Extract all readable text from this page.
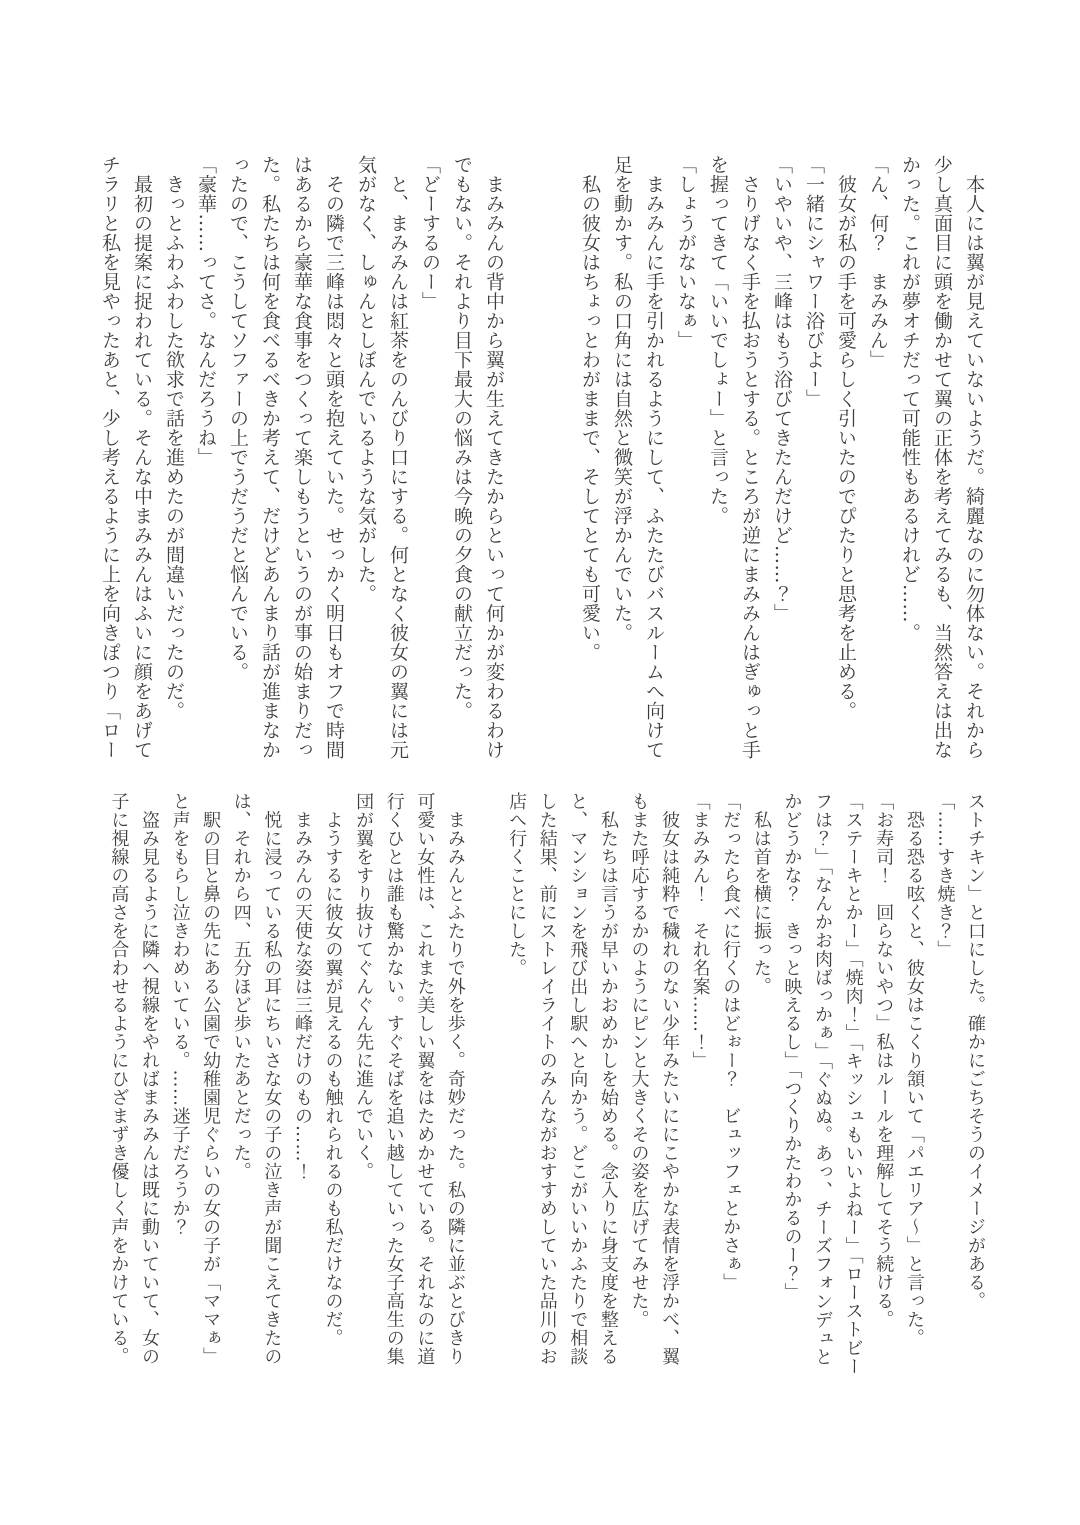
　本人には翼が見えていないようだ。綺麗なのに勿体ない。それから

少し真面目に頭を働かせて翼の正体を考えてみるも、当然答えは出な

かった。これが夢オチだって可能性もあるけれど……。

「ん、何？　まみみん」

　彼女が私の手を可愛らしく引いたのでぴたりと思考を止める。

「一緒にシャワー浴びよー」

「いやいや、三峰はもう浴びてきたんだけど……？」

　さりげなく手を払おうとする。ところが逆にまみみんはぎゅっと手

を握ってきて「いいでしょー」と言った。

「しょうがないなぁ」

　まみみんに手を引かれるようにして、ふたたびバスルームへ向けて

足を動かす。私の口角には自然と微笑が浮かんでいた。

　私の彼女はちょっとわがままで、そしてとても可愛い。

　まみみんの背中から翼が生えてきたからといって何かが変わるわけ

でもない。それより目下最大の悩みは今晩の夕食の献立だった。

「どーするのー」

　と、まみみんは紅茶をのんびり口にする。何となく彼女の翼には元

気がなく、しゅんとしぼんでいるような気がした。

　その隣で三峰は悶々と頭を抱えていた。せっかく明日もオフで時間

はあるから豪華な食事をつくって楽しもうというのが事の始まりだっ

た。私たちは何を食べるべきか考えて、だけどあんまり話が進まなか

ったので、こうしてソファーの上でうだうだと悩んでいる。

「豪華……ってさ。なんだろうね」

　きっとふわふわした欲求で話を進めたのが間違いだったのだ。

　最初の提案に捉われている。そんな中まみみんはふいに顔をあげて

チラリと私を見やったあと、少し考えるように上を向きぽつり「ロー

ストチキン」と口にした。確かにごちそうのイメージがある。

「……すき焼き？」

　恐る恐る呟くと、彼女はこくり頷いて「パエリア～」と言った。

「お寿司！　回らないやつ」私はルールを理解してそう続ける。

「ステーキとかー」「焼肉！」「キッシュもいいよねー」「ローストビー

フは？」「なんかお肉ばっかぁ」「ぐぬぬ。あっ、チーズフォンデュと

かどうかな？　きっと映えるし」「つくりかたわかるのー？」

　私は首を横に振った。

「だったら食べに行くのはどぉー？　ビュッフェとかさぁ」

「まみみん！　それ名案……！」

　彼女は純粋で穢れのない少年みたいににこやかな表情を浮かべ、翼

もまた呼応するかのようにピンと大きくその姿を広げてみせた。

　私たちは言うが早いかおめかしを始める。念入りに身支度を整える

と、マンションを飛び出し駅へと向かう。どこがいいかふたりで相談

した結果、前にストレイライトのみんながおすすめしていた品川のお

店へ行くことにした。

　まみみんとふたりで外を歩く。奇妙だった。私の隣に並ぶとびきり

可愛い女性は、これまた美しい翼をはためかせている。それなのに道

行くひとは誰も驚かない。すぐそばを追い越していった女子高生の集

団が翼をすり抜けてぐんぐん先に進んでいく。

　ようするに彼女の翼が見えるのも触れられるのも私だけなのだ。

　まみみんの天使な姿は三峰だけのもの……！

　悦に浸っている私の耳にちいさな女の子の泣き声が聞こえてきたの

は、それから四、五分ほど歩いたあとだった。

　駅の目と鼻の先にある公園で幼稚園児ぐらいの女の子が「ママぁ」

と声をもらし泣きわめいている。……迷子だろうか？

　盗み見るように隣へ視線をやればまみみんは既に動いていて、女の

子に視線の高さを合わせるようにひざまずき優しく声をかけている。
